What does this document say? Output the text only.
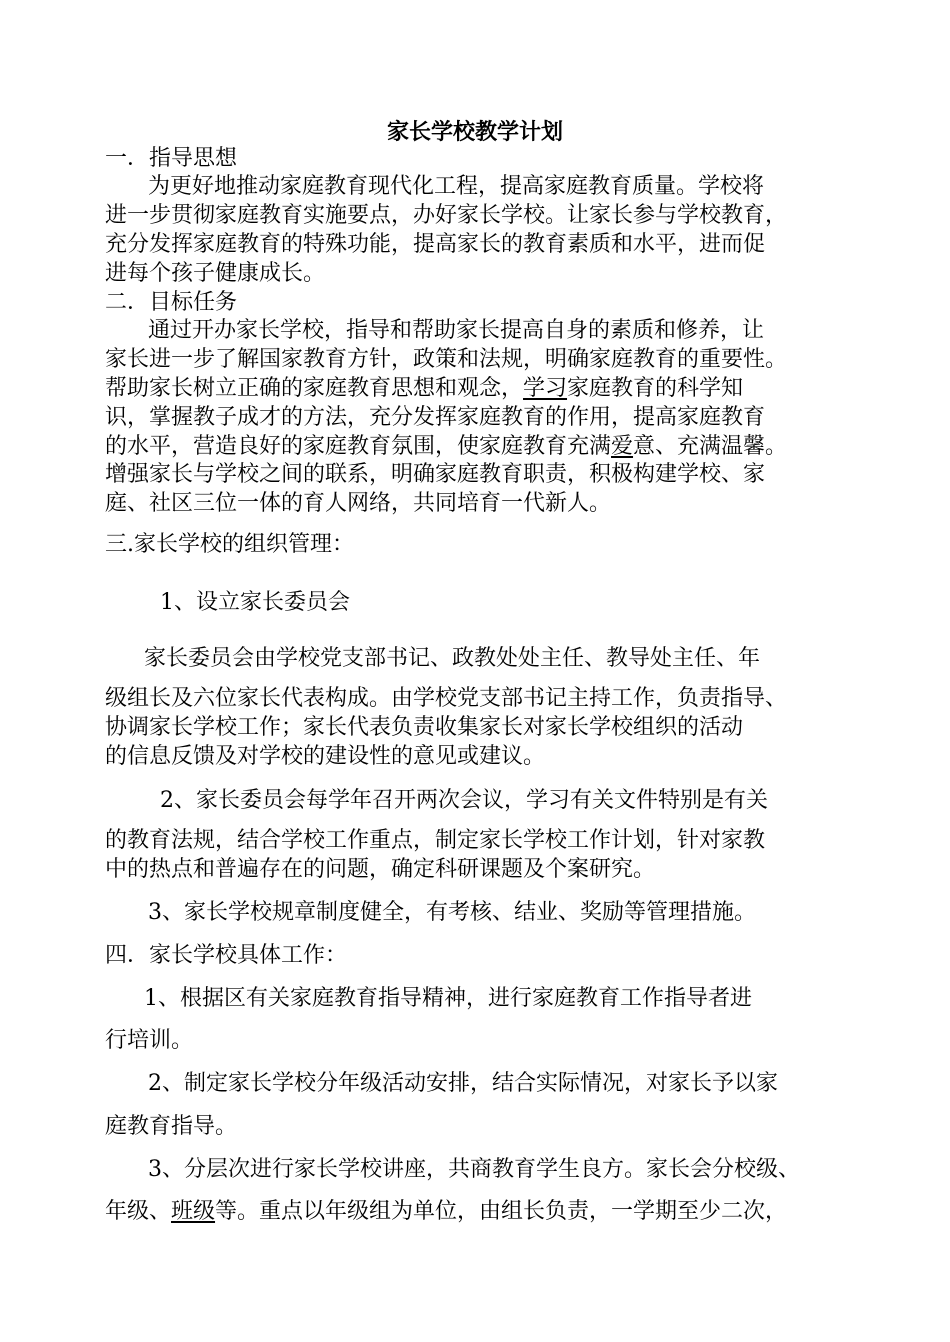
家长学校教学计划
一．指导思想
为更好地推动家庭教育现代化工程，提高家庭教育质量。学校将
进一步贯彻家庭教育实施要点，办好家长学校。让家长参与学校教育，
充分发挥家庭教育的特殊功能，提高家长的教育素质和水平，进而促
进每个孩子健康成长。
二．目标任务
通过开办家长学校，指导和帮助家长提高自身的素质和修养，让
家长进一步了解国家教育方针，政策和法规，明确家庭教育的重要性。
帮助家长树立正确的家庭教育思想和观念，学习家庭教育的科学知
识，掌握教子成才的方法，充分发挥家庭教育的作用，提高家庭教育
的水平，营造良好的家庭教育氛围，使家庭教育充满爱意、充满温馨。
增强家长与学校之间的联系，明确家庭教育职责，积极构建学校、家
庭、社区三位一体的育人网络，共同培育一代新人。
三.家长学校的组织管理：
1、设立家长委员会
家长委员会由学校党支部书记、政教处处主任、教导处主任、年
级组长及六位家长代表构成。由学校党支部书记主持工作，负责指导、
协调家长学校工作；家长代表负责收集家长对家长学校组织的活动
的信息反馈及对学校的建设性的意见或建议。
2、家长委员会每学年召开两次会议，学习有关文件特别是有关
的教育法规，结合学校工作重点，制定家长学校工作计划，针对家教
中的热点和普遍存在的问题，确定科研课题及个案研究。
3、家长学校规章制度健全，有考核、结业、奖励等管理措施。
四．家长学校具体工作：
1、根据区有关家庭教育指导精神，进行家庭教育工作指导者进
行培训。
2、制定家长学校分年级活动安排，结合实际情况，对家长予以家
庭教育指导。
3、分层次进行家长学校讲座，共商教育学生良方。家长会分校级、
年级、班级等。重点以年级组为单位，由组长负责，一学期至少二次，
